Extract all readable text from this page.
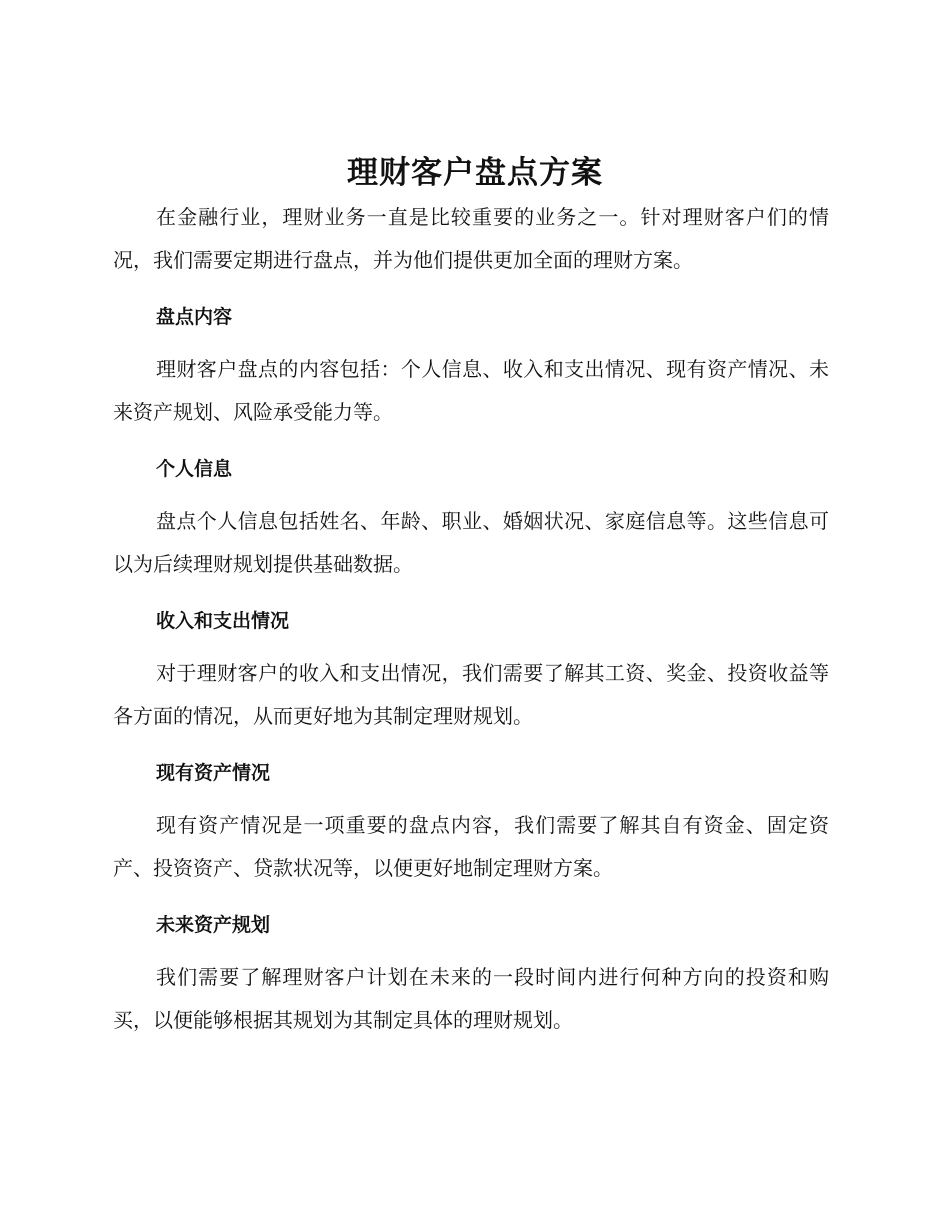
理财客户盘点方案

在金融行业，理财业务一直是比较重要的业务之一。针对理财客户们的情况，我们需要定期进行盘点，并为他们提供更加全面的理财方案。

盘点内容

理财客户盘点的内容包括：个人信息、收入和支出情况、现有资产情况、未来资产规划、风险承受能力等。

个人信息

盘点个人信息包括姓名、年龄、职业、婚姻状况、家庭信息等。这些信息可以为后续理财规划提供基础数据。

收入和支出情况

对于理财客户的收入和支出情况，我们需要了解其工资、奖金、投资收益等各方面的情况，从而更好地为其制定理财规划。

现有资产情况

现有资产情况是一项重要的盘点内容，我们需要了解其自有资金、固定资产、投资资产、贷款状况等，以便更好地制定理财方案。

未来资产规划

我们需要了解理财客户计划在未来的一段时间内进行何种方向的投资和购买，以便能够根据其规划为其制定具体的理财规划。
